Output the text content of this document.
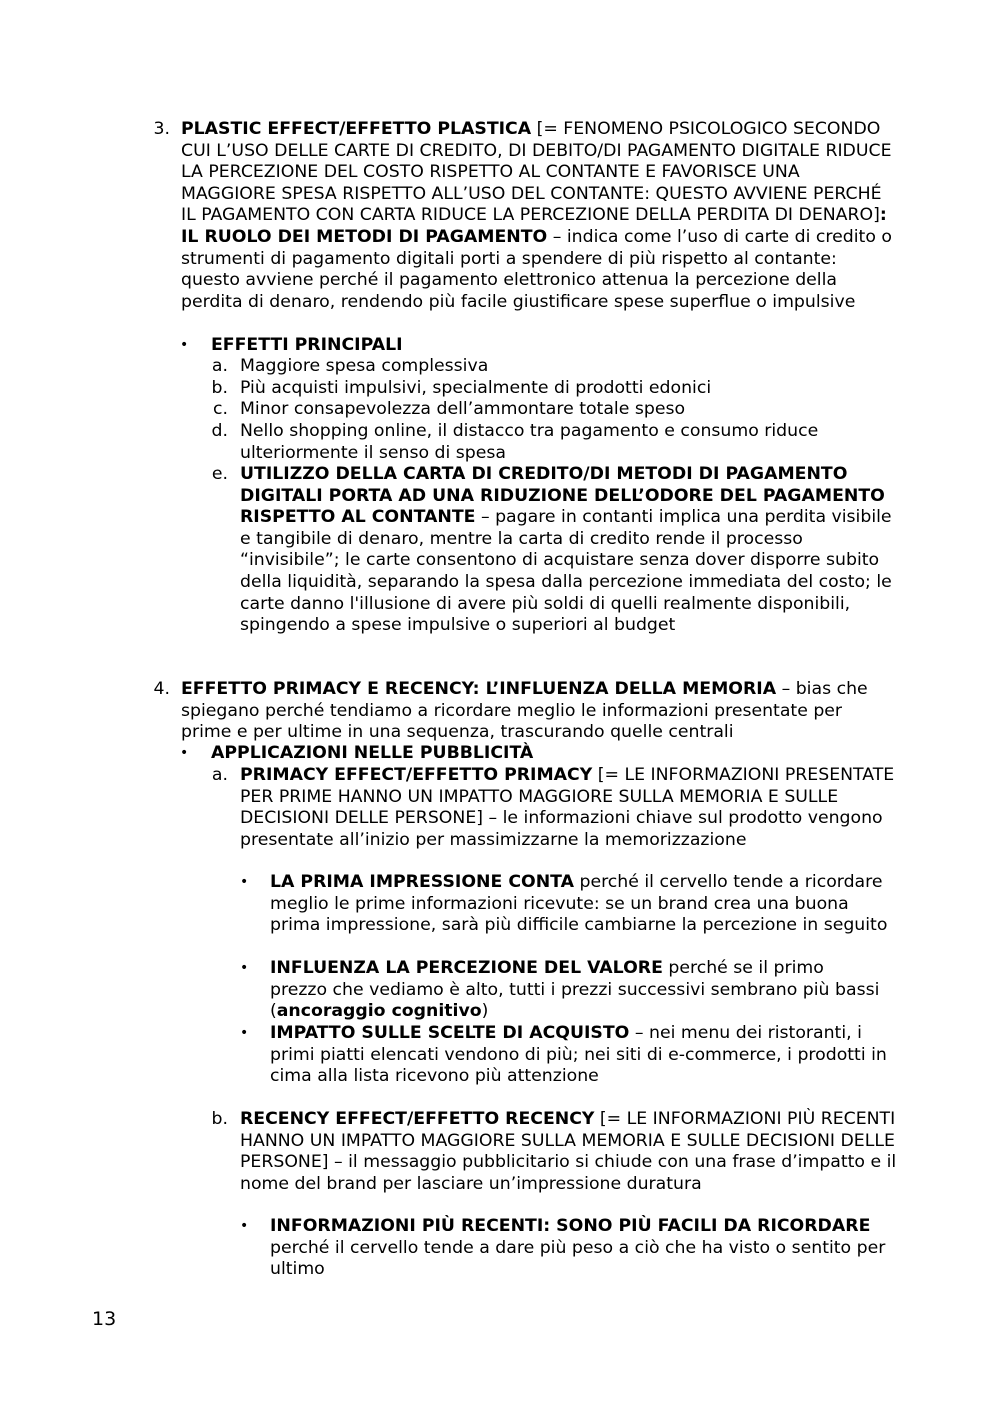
3. PLASTIC EFFECT/EFFETTO PLASTICA [= FENOMENO PSICOLOGICO SECONDO CUI L’USO DELLE CARTE DI CREDITO, DI DEBITO/DI PAGAMENTO DIGITALE RIDUCE LA PERCEZIONE DEL COSTO RISPETTO AL CONTANTE E FAVORISCE UNA MAGGIORE SPESA RISPETTO ALL’USO DEL CONTANTE: QUESTO AVVIENE PERCHÉ IL PAGAMENTO CON CARTA RIDUCE LA PERCEZIONE DELLA PERDITA DI DENARO]: IL RUOLO DEI METODI DI PAGAMENTO – indica come l’uso di carte di credito o strumenti di pagamento digitali porti a spendere di più rispetto al contante: questo avviene perché il pagamento elettronico attenua la percezione della perdita di denaro, rendendo più facile giustificare spese superflue o impulsive
• EFFETTI PRINCIPALI
a. Maggiore spesa complessiva
b. Più acquisti impulsivi, specialmente di prodotti edonici
c. Minor consapevolezza dell’ammontare totale speso
d. Nello shopping online, il distacco tra pagamento e consumo riduce ulteriormente il senso di spesa
e. UTILIZZO DELLA CARTA DI CREDITO/DI METODI DI PAGAMENTO DIGITALI PORTA AD UNA RIDUZIONE DELL’ODORE DEL PAGAMENTO RISPETTO AL CONTANTE – pagare in contanti implica una perdita visibile e tangibile di denaro, mentre la carta di credito rende il processo “invisibile”; le carte consentono di acquistare senza dover disporre subito della liquidità, separando la spesa dalla percezione immediata del costo; le carte danno l'illusione di avere più soldi di quelli realmente disponibili, spingendo a spese impulsive o superiori al budget
4. EFFETTO PRIMACY E RECENCY: L’INFLUENZA DELLA MEMORIA – bias che spiegano perché tendiamo a ricordare meglio le informazioni presentate per prime e per ultime in una sequenza, trascurando quelle centrali
• APPLICAZIONI NELLE PUBBLICITÀ
a. PRIMACY EFFECT/EFFETTO PRIMACY [= LE INFORMAZIONI PRESENTATE PER PRIME HANNO UN IMPATTO MAGGIORE SULLA MEMORIA E SULLE DECISIONI DELLE PERSONE] – le informazioni chiave sul prodotto vengono presentate all’inizio per massimizzarne la memorizzazione
• LA PRIMA IMPRESSIONE CONTA perché il cervello tende a ricordare meglio le prime informazioni ricevute: se un brand crea una buona prima impressione, sarà più difficile cambiarne la percezione in seguito
• INFLUENZA LA PERCEZIONE DEL VALORE perché se il primo prezzo che vediamo è alto, tutti i prezzi successivi sembrano più bassi (ancoraggio cognitivo)
• IMPATTO SULLE SCELTE DI ACQUISTO – nei menu dei ristoranti, i primi piatti elencati vendono di più; nei siti di e-commerce, i prodotti in cima alla lista ricevono più attenzione
b. RECENCY EFFECT/EFFETTO RECENCY [= LE INFORMAZIONI PIÙ RECENTI HANNO UN IMPATTO MAGGIORE SULLA MEMORIA E SULLE DECISIONI DELLE PERSONE] – il messaggio pubblicitario si chiude con una frase d’impatto e il nome del brand per lasciare un’impressione duratura
• INFORMAZIONI PIÙ RECENTI: SONO PIÙ FACILI DA RICORDARE perché il cervello tende a dare più peso a ciò che ha visto o sentito per ultimo
13
